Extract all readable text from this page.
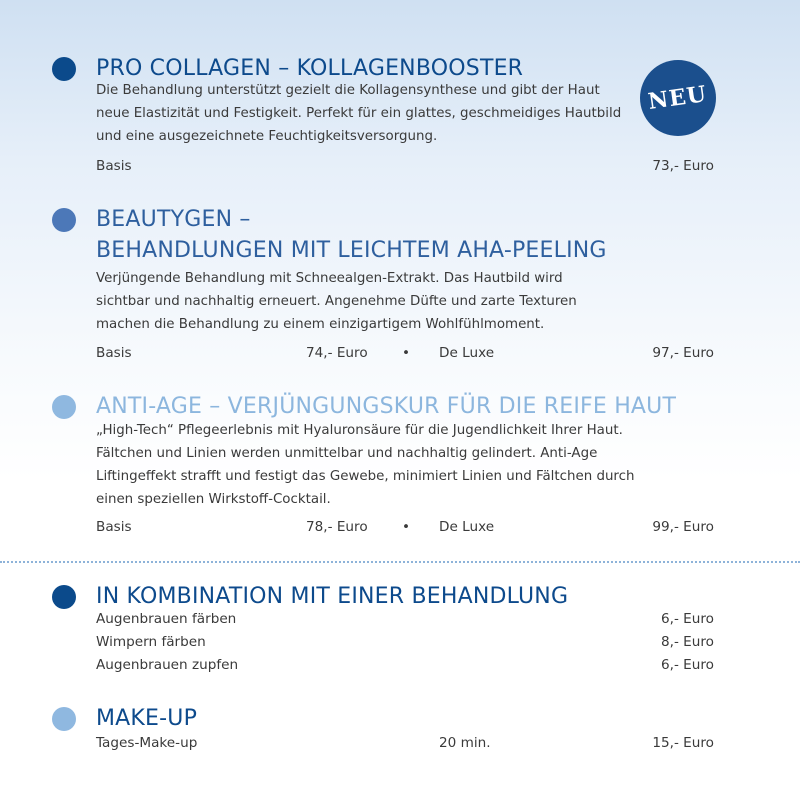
PRO COLLAGEN – KOLLAGENBOOSTER
Die Behandlung unterstützt gezielt die Kollagensynthese und gibt der Haut
neue Elastizität und Festigkeit. Perfekt für ein glattes, geschmeidiges Hautbild
und eine ausgezeichnete Feuchtigkeitsversorgung.
Basis	73,- Euro
NEU
BEAUTYGEN –
BEHANDLUNGEN MIT LEICHTEM AHA-PEELING
Verjüngende Behandlung mit Schneealgen-Extrakt. Das Hautbild wird
sichtbar und nachhaltig erneuert. Angenehme Düfte und zarte Texturen
machen die Behandlung zu einem einzigartigem Wohlfühlmoment.
Basis	74,- Euro	• De Luxe	97,- Euro
ANTI-AGE – VERJÜNGUNGSKUR FÜR DIE REIFE HAUT
„High-Tech“ Pflegeerlebnis mit Hyaluronsäure für die Jugendlichkeit Ihrer Haut.
Fältchen und Linien werden unmittelbar und nachhaltig gelindert. Anti-Age
Liftingeffekt strafft und festigt das Gewebe, minimiert Linien und Fältchen durch
einen speziellen Wirkstoff-Cocktail.
Basis	78,- Euro	• De Luxe	99,- Euro
IN KOMBINATION MIT EINER BEHANDLUNG
Augenbrauen färben	6,- Euro
Wimpern färben	8,- Euro
Augenbrauen zupfen	6,- Euro
MAKE-UP
Tages-Make-up	20 min.	15,- Euro
